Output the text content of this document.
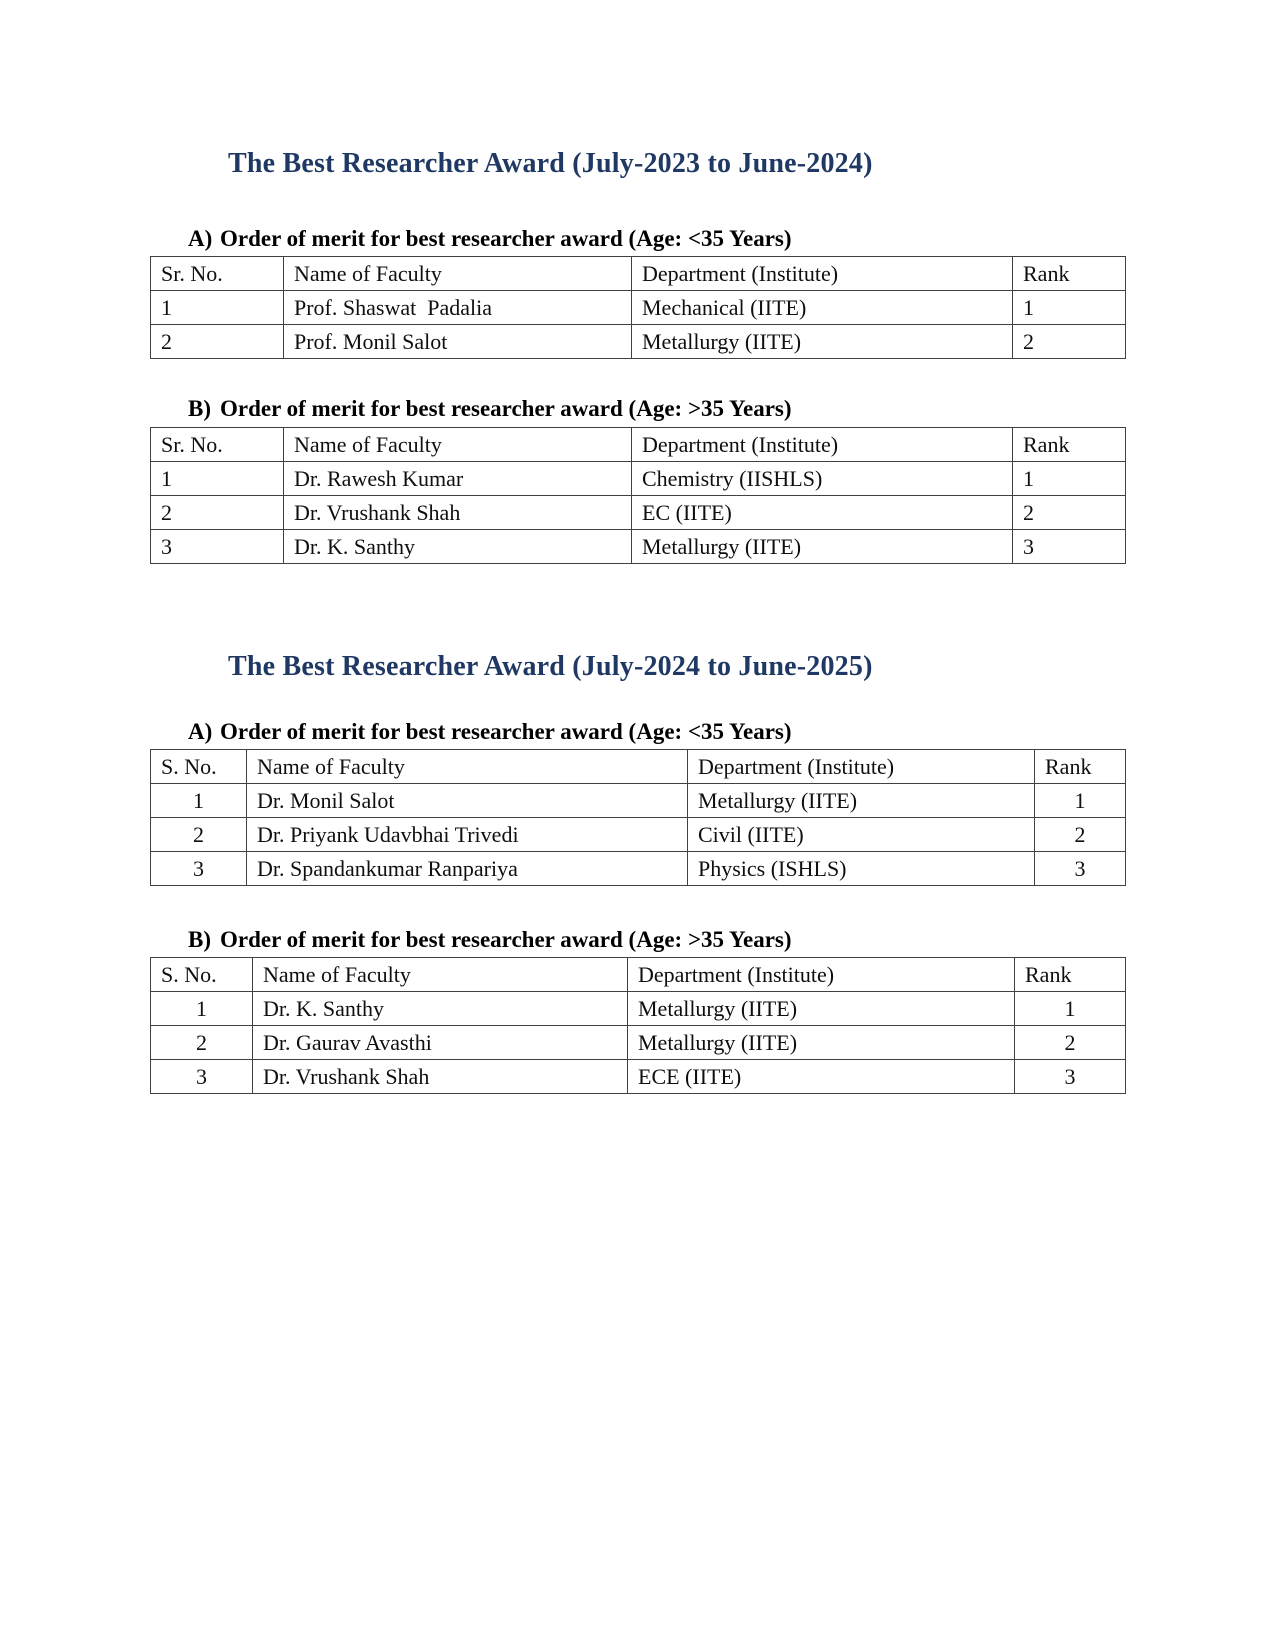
The Best Researcher Award (July-2023 to June-2024)
A) Order of merit for best researcher award (Age: <35 Years)
Sr. No.	Name of Faculty	Department (Institute)	Rank
1	Prof. Shaswat  Padalia	Mechanical (IITE)	1
2	Prof. Monil Salot	Metallurgy (IITE)	2
B) Order of merit for best researcher award (Age: >35 Years)
Sr. No.	Name of Faculty	Department (Institute)	Rank
1	Dr. Rawesh Kumar	Chemistry (IISHLS)	1
2	Dr. Vrushank Shah	EC (IITE)	2
3	Dr. K. Santhy	Metallurgy (IITE)	3
The Best Researcher Award (July-2024 to June-2025)
A) Order of merit for best researcher award (Age: <35 Years)
S. No.	Name of Faculty	Department (Institute)	Rank
1	Dr. Monil Salot	Metallurgy (IITE)	1
2	Dr. Priyank Udavbhai Trivedi	Civil (IITE)	2
3	Dr. Spandankumar Ranpariya	Physics (ISHLS)	3
B) Order of merit for best researcher award (Age: >35 Years)
S. No.	Name of Faculty	Department (Institute)	Rank
1	Dr. K. Santhy	Metallurgy (IITE)	1
2	Dr. Gaurav Avasthi	Metallurgy (IITE)	2
3	Dr. Vrushank Shah	ECE (IITE)	3
